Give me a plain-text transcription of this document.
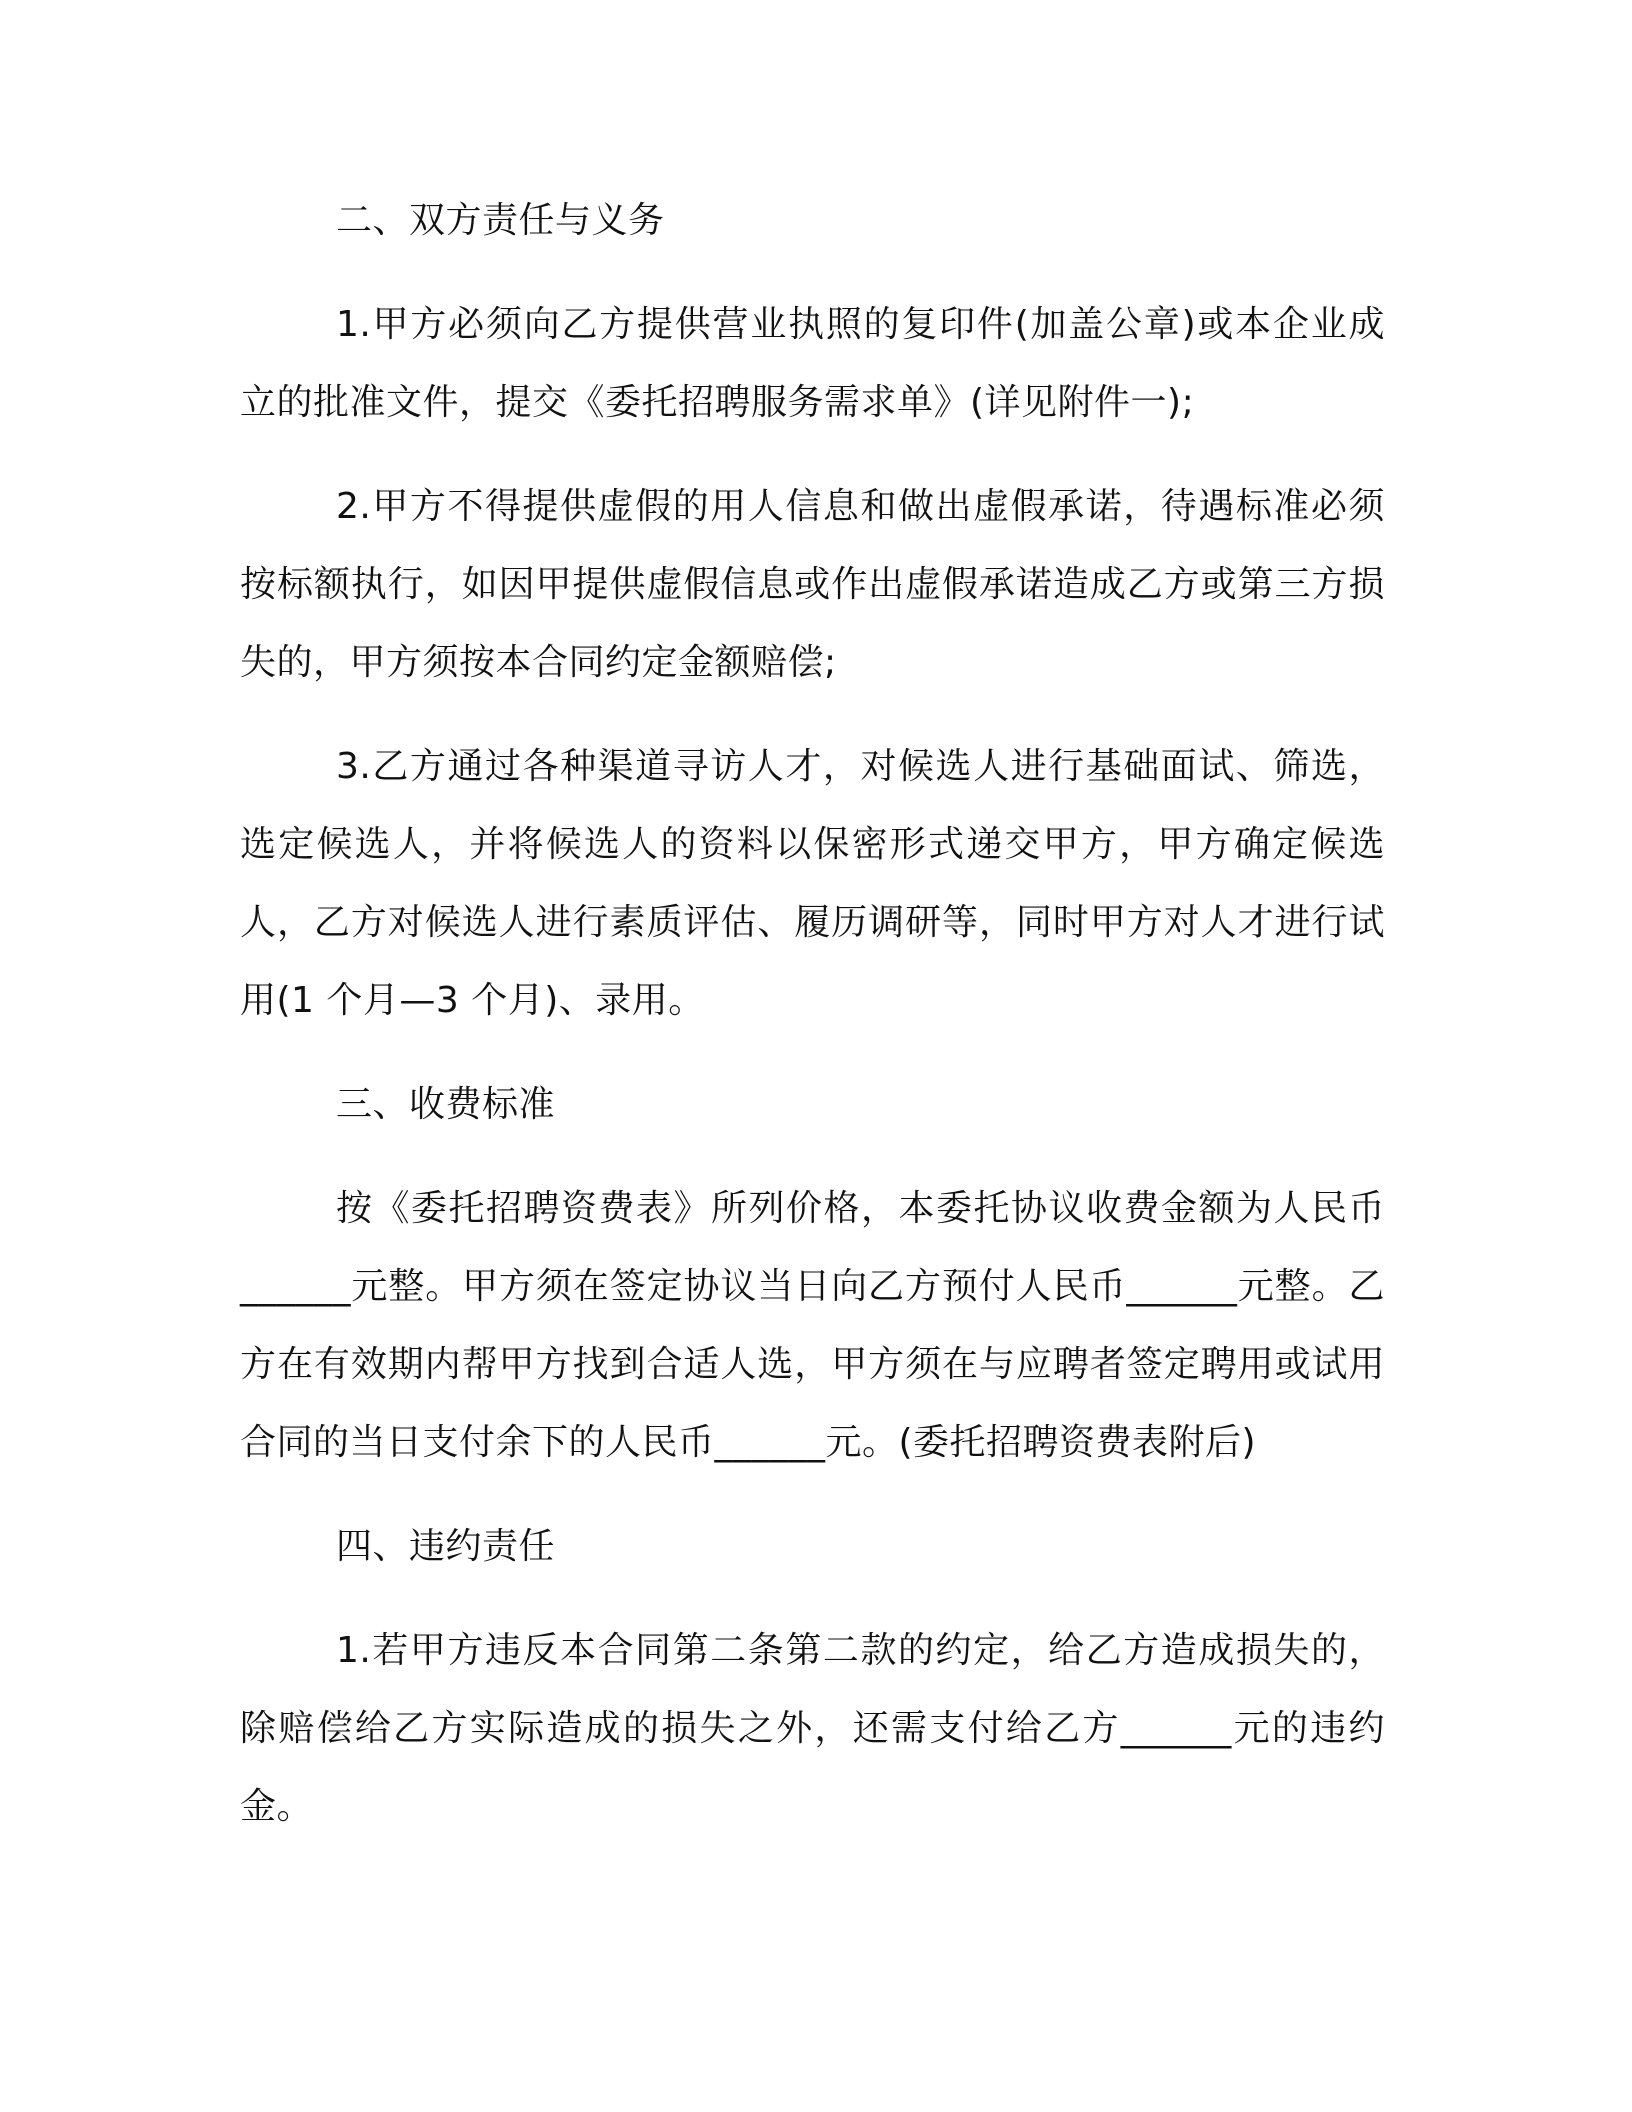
二、双方责任与义务

1.甲方必须向乙方提供营业执照的复印件(加盖公章)或本企业成立的批准文件，提交《委托招聘服务需求单》(详见附件一);

2.甲方不得提供虚假的用人信息和做出虚假承诺，待遇标准必须按标额执行，如因甲提供虚假信息或作出虚假承诺造成乙方或第三方损失的，甲方须按本合同约定金额赔偿;

3.乙方通过各种渠道寻访人才，对候选人进行基础面试、筛选，选定候选人，并将候选人的资料以保密形式递交甲方，甲方确定候选人，乙方对候选人进行素质评估、履历调研等，同时甲方对人才进行试用(1 个月—3 个月)、录用。

三、收费标准

按《委托招聘资费表》所列价格，本委托协议收费金额为人民币______元整。甲方须在签定协议当日向乙方预付人民币______元整。乙方在有效期内帮甲方找到合适人选，甲方须在与应聘者签定聘用或试用合同的当日支付余下的人民币______元。(委托招聘资费表附后)

四、违约责任

1.若甲方违反本合同第二条第二款的约定，给乙方造成损失的，除赔偿给乙方实际造成的损失之外，还需支付给乙方______元的违约金。
